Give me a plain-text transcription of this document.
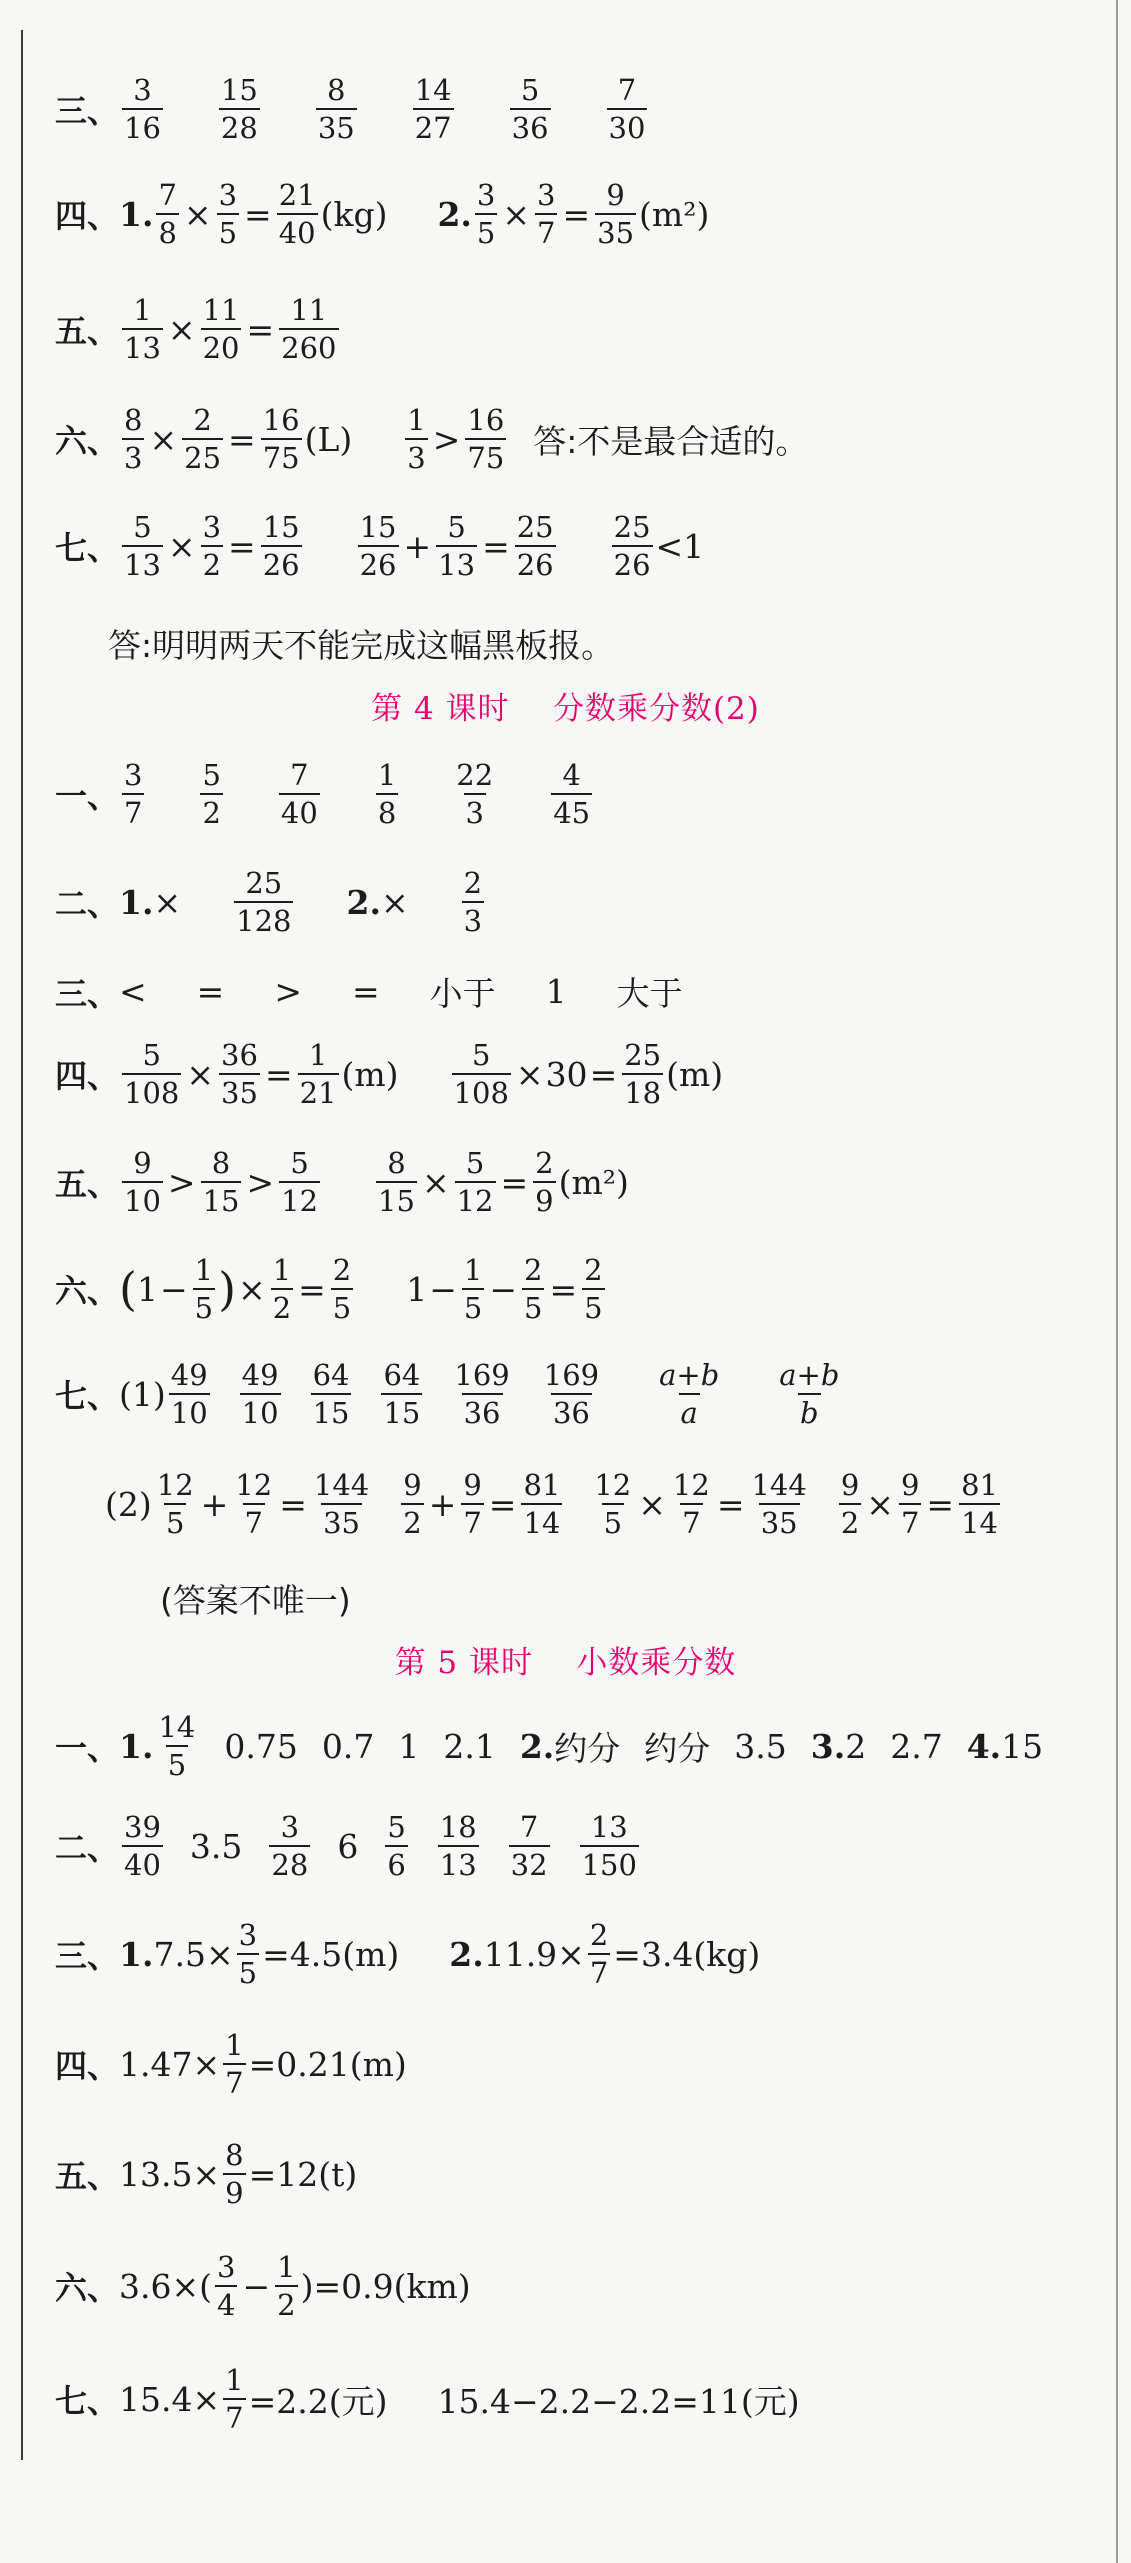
三、 $\frac{3}{16} \frac{15}{28} \frac{8}{35} \frac{14}{27} \frac{5}{36} \frac{7}{30}$
四、 1. $\frac{7}{8} \times \frac{3}{5} = \frac{21}{40} (kg)$ 2. $\frac{3}{5} \times \frac{3}{7} = \frac{9}{35} (m^2)$
五、 $\frac{1}{13} \times \frac{11}{20} = \frac{11}{260}$
六、 $\frac{8}{3} \times \frac{2}{25} = \frac{16}{75} (L) \frac{1}{3} > \frac{16}{75}$ 答:不是最合适的。
七、 $\frac{5}{13} \times \frac{3}{2} = \frac{15}{26} \frac{15}{26} + \frac{5}{13} = \frac{25}{26} \frac{25}{26} <1$
答:明明两天不能完成这幅黑板报。
第 4 课时    分数乘分数(2)
一、 $\frac{3}{7} \frac{5}{2} \frac{7}{40} \frac{1}{8} \frac{22}{3} \frac{4}{45}$
二、 1. × $\frac{25}{128} 2$. × $\frac{2}{3}$
三、 < = > = 小于 1 大于
四、 $\frac{5}{108} \times \frac{36}{35} = \frac{1}{21} (m) \frac{5}{108} \times 30 = \frac{25}{18} (m)$
五、 $\frac{9}{10} > \frac{8}{15} > \frac{5}{12} \frac{8}{15} \times \frac{5}{12} = \frac{2}{9} (m^2)$
六、 ( $1 - \frac{1}{5}$ ) × $\frac{1}{2} = \frac{2}{5} 1 - \frac{1}{5} - \frac{2}{5} = \frac{2}{5}$
七、 $(1) \frac{49}{10} \frac{49}{10} \frac{64}{15} \frac{64}{15} \frac{169}{36} \frac{169}{36} \frac{a+b}{a} \frac{a+b}{b}$
$(2) \frac{12}{5} + \frac{12}{7} = \frac{144}{35} \frac{9}{2} + \frac{9}{7} = \frac{81}{14} \frac{12}{5} \times \frac{12}{7} = \frac{144}{35} \frac{9}{2} \times \frac{9}{7} = \frac{81}{14}$
(答案不唯一)
第 5 课时    小数乘分数
一、 1. $\frac{14}{5} 0.75$ 0.7 1 2.1 2. 约分 约分 3.5 3. 2 2.7 4. 15
二、 $\frac{39}{40} 3.5 \frac{3}{28} 6 \frac{5}{6} \frac{18}{13} \frac{7}{32} \frac{13}{150}$
三、 1. $7.5\times \frac{3}{5} =4.5(m)$ 2. $11.9\times \frac{2}{7} =3.4(kg)$
四、 $1.47\times \frac{1}{7} =0.21(m)$
五、 $13.5\times \frac{8}{9} =12(t)$
六、 $3.6\times( \frac{3}{4} - \frac{1}{2} )=0.9(km)$
七、 $15.4\times \frac{1}{7} =2.2$(元) 15.4−2.2−2.2=11(元)
